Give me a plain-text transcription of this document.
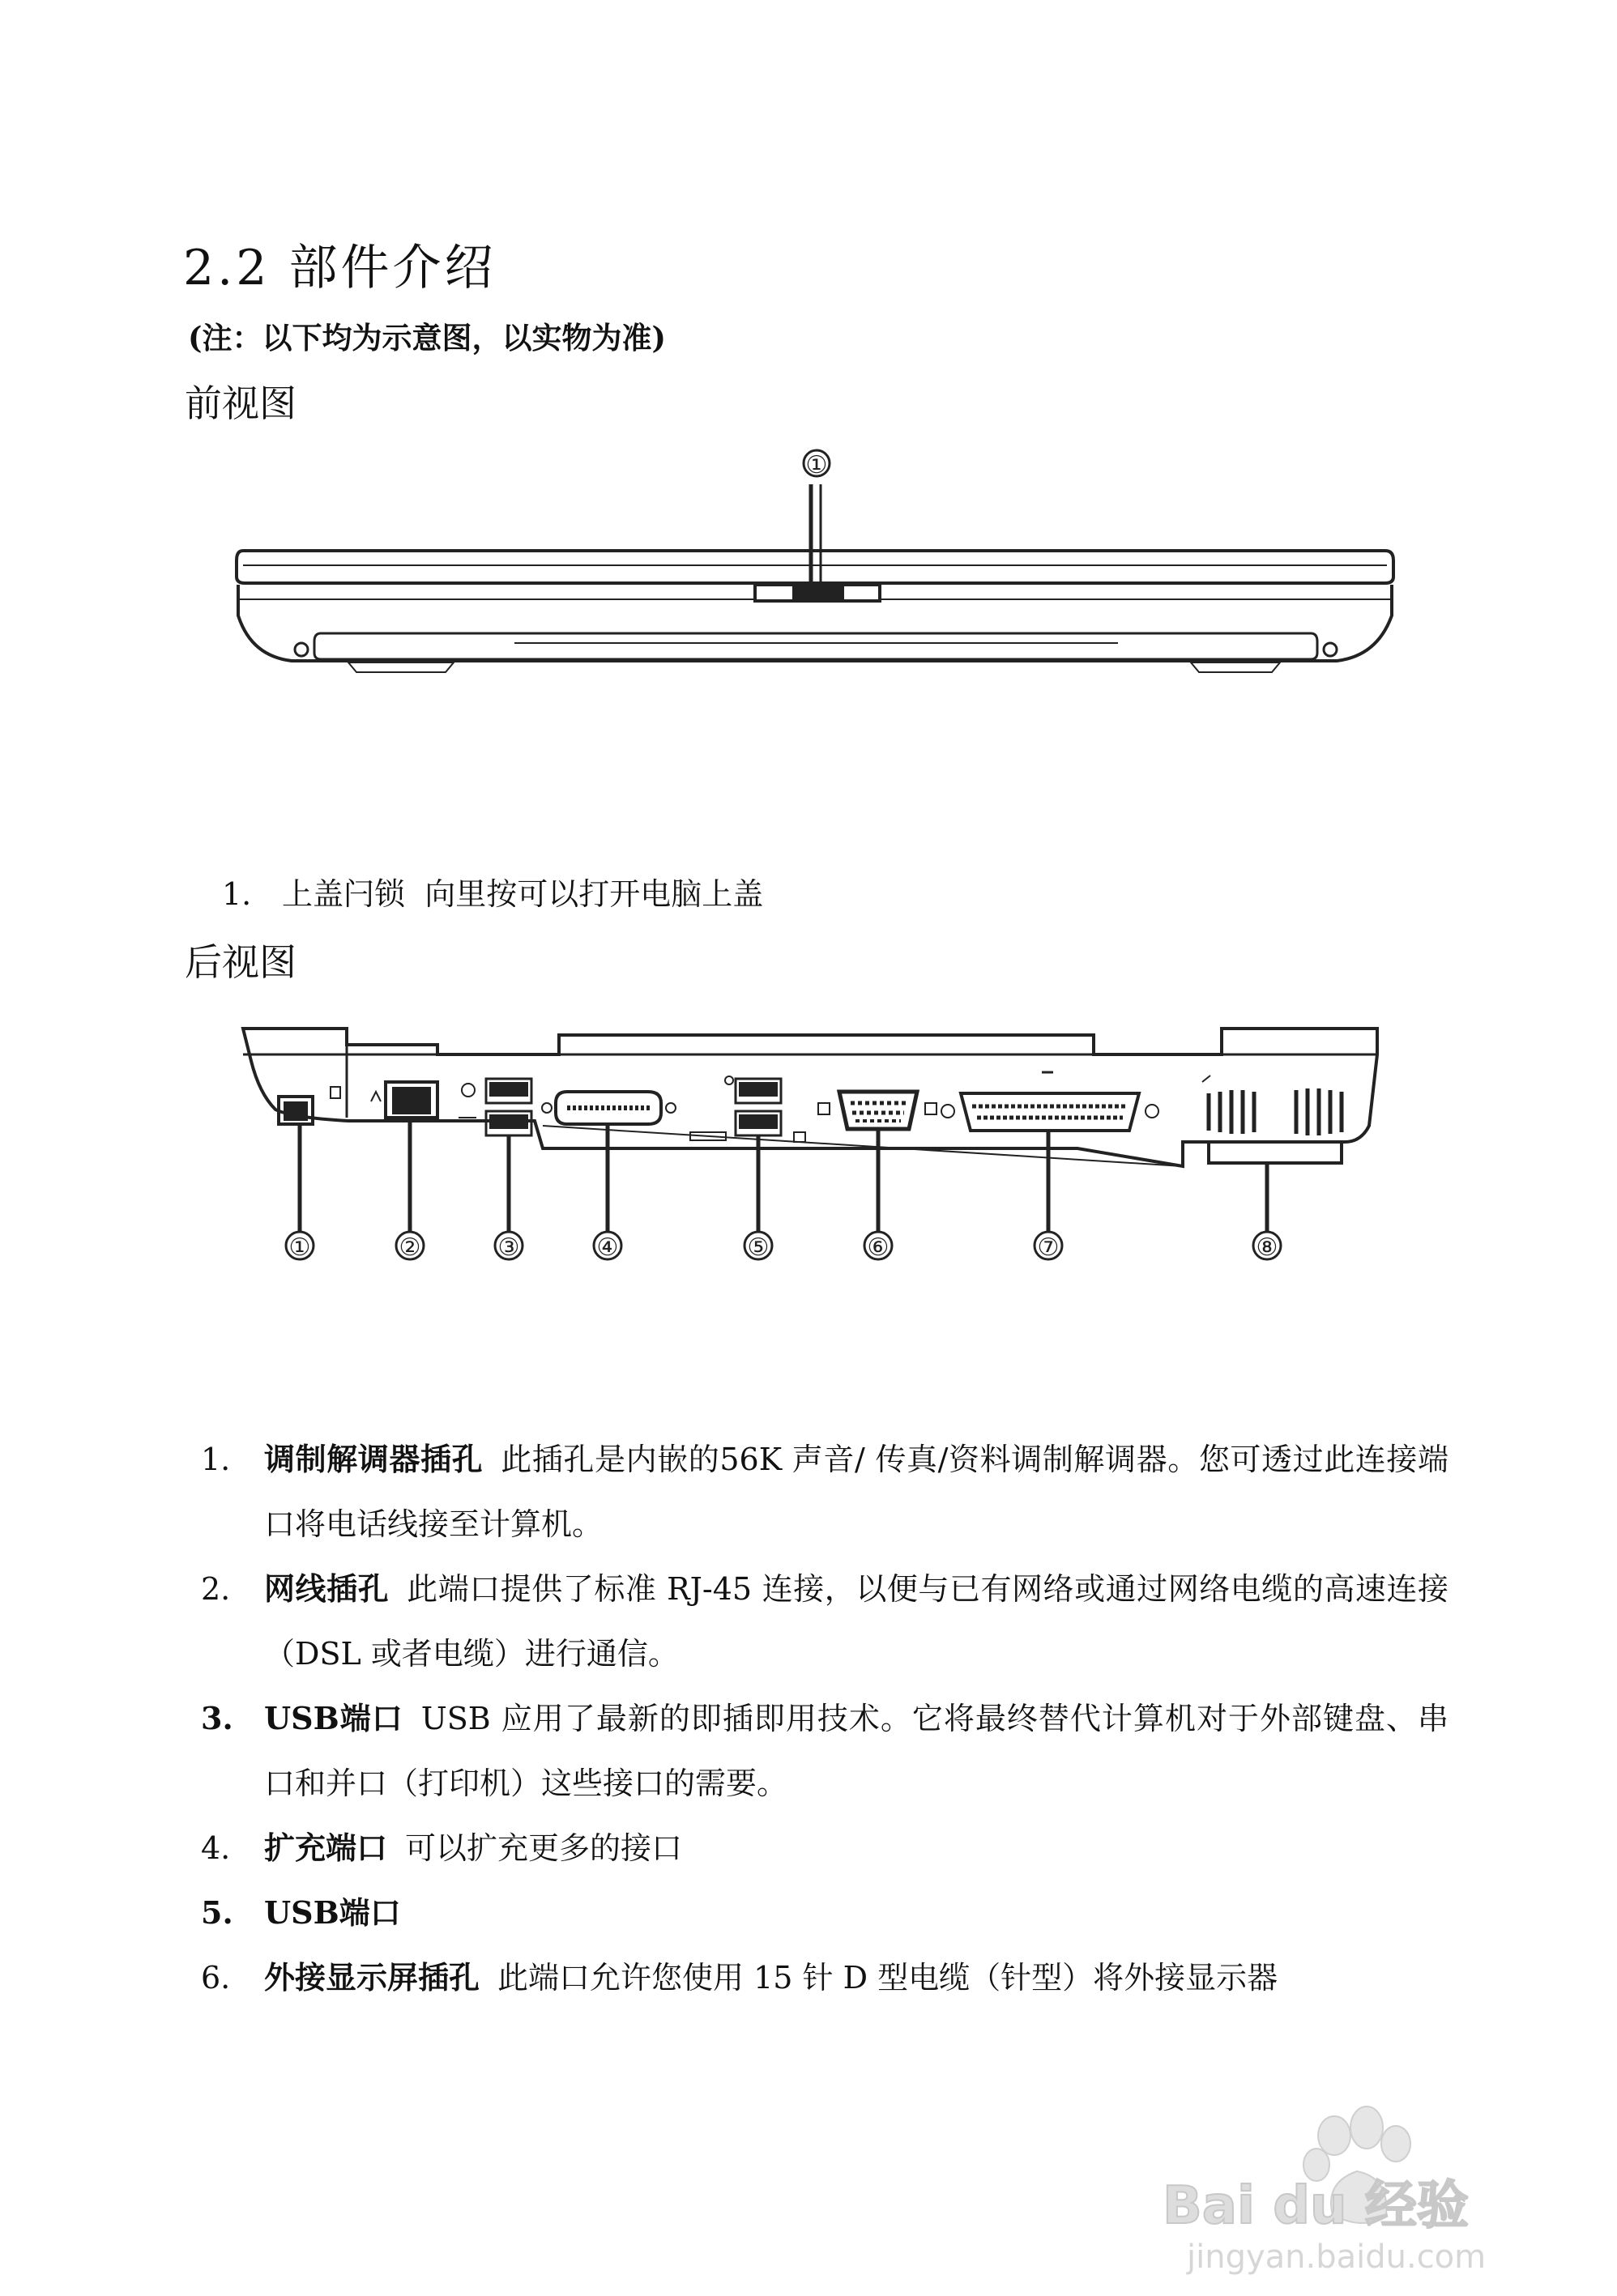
2.2 部件介绍
(注：以下均为示意图，以实物为准)
前视图
①
1. 上盖闩锁 向里按可以打开电脑上盖
后视图
①	②	③	④	⑤	⑥	⑦	⑧
1.	调制解调器插孔 此插孔是内嵌的56K 声音/ 传真/资料调制解调器。您可透过此连接端口将电话线接至计算机。
2.	网线插孔 此端口提供了标准 RJ-45 连接，以便与已有网络或通过网络电缆的高速连接（DSL 或者电缆）进行通信。
3.	USB端口 USB 应用了最新的即插即用技术。它将最终替代计算机对于外部键盘、串口和并口（打印机）这些接口的需要。
4.	扩充端口 可以扩充更多的接口
5.	USB端口
6.	外接显示屏插孔 此端口允许您使用 15 针 D 型电缆（针型）将外接显示器
Bai du 经验
jingyan.baidu.com
